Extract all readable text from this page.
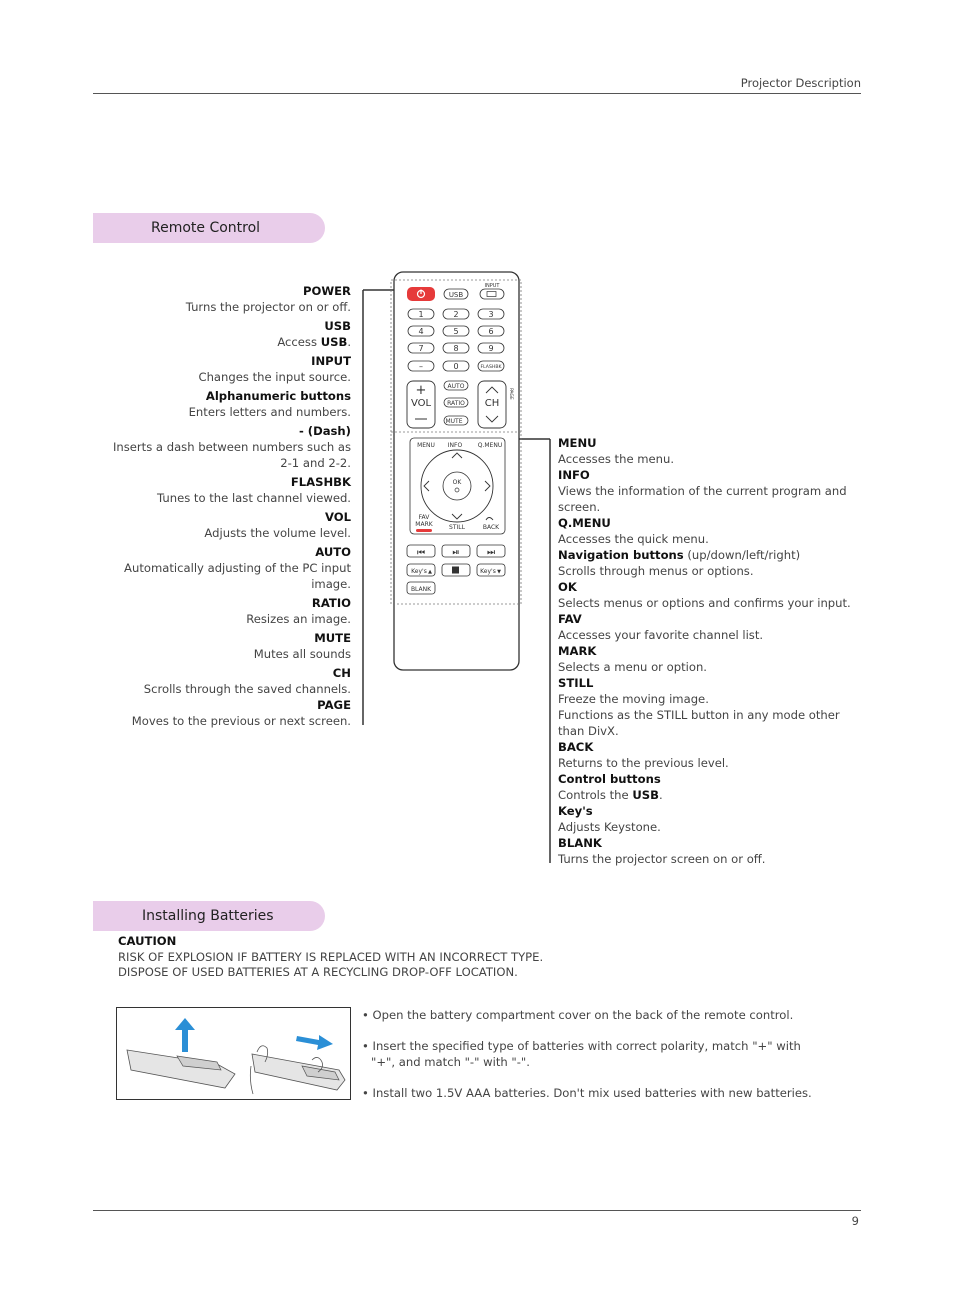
Projector Description
Remote Control
POWER
Turns the projector on or off.
USB
Access USB.
INPUT
Changes the input source.
Alphanumeric buttons
Enters letters and numbers.
- (Dash)
Inserts a dash between numbers such as 2-1 and 2-2.
FLASHBK
Tunes to the last channel viewed.
VOL
Adjusts the volume level.
AUTO
Automatically adjusting of the PC input image.
RATIO
Resizes an image.
MUTE
Mutes all sounds
CH
Scrolls through the saved channels.
PAGE
Moves to the previous or next screen.
USB
INPUT
1	2	3
4	5	6
7	8	9
–	0	FLASHBK
+
VOL	CH
PAGE
AUTO
RATIO
MUTE
MENU INFO	Q.MENU
OK
FAV
MARK	STILL	BACK
⏮	⏯	⏭
Key's ▲	Key's ▼
BLANK
MENU
Accesses the menu.
INFO
Views the information of the current program and screen.
Q.MENU
Accesses the quick menu.
Navigation buttons (up/down/left/right)
Scrolls through menus or options.
OK
Selects menus or options and confirms your input.
FAV
Accesses your favorite channel list.
MARK
Selects a menu or option.
STILL
Freeze the moving image.
Functions as the STILL button in any mode other than DivX.
BACK
Returns to the previous level.
Control buttons
Controls the USB.
Key's
Adjusts Keystone.
BLANK
Turns the projector screen on or off.
Installing Batteries
CAUTION
RISK OF EXPLOSION IF BATTERY IS REPLACED WITH AN INCORRECT TYPE.
DISPOSE OF USED BATTERIES AT A RECYCLING DROP-OFF LOCATION.
• Open the battery compartment cover on the back of the remote control.
• Insert the specified type of batteries with correct polarity, match "+" with "+", and match "-" with "-".
• Install two 1.5V AAA batteries. Don't mix used batteries with new batteries.
9
